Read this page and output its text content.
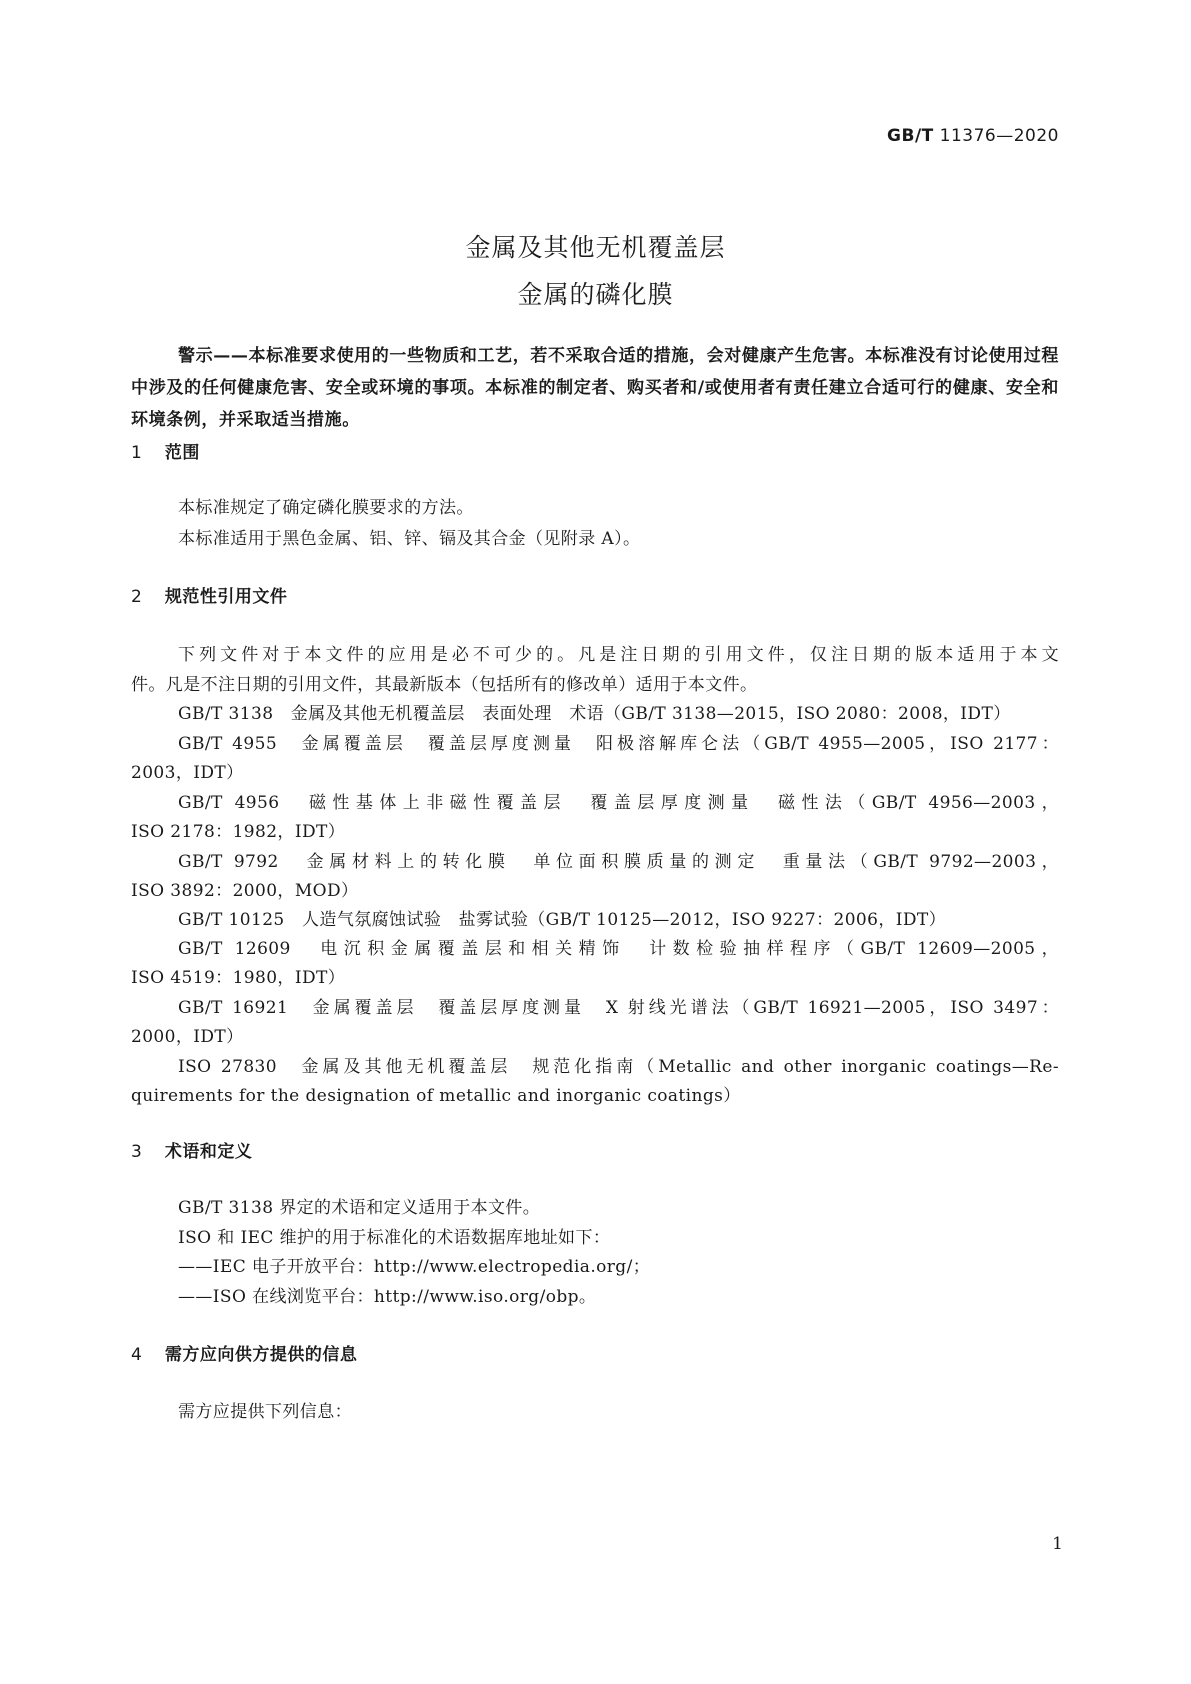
GB/T 11376—2020
金属及其他无机覆盖层
金属的磷化膜
警示——本标准要求使用的一些物质和工艺，若不采取合适的措施，会对健康产生危害。本标准没有讨论使用过程中涉及的任何健康危害、安全或环境的事项。本标准的制定者、购买者和/或使用者有责任建立合适可行的健康、安全和环境条例，并采取适当措施。
1 范围
本标准规定了确定磷化膜要求的方法。
本标准适用于黑色金属、铝、锌、镉及其合金（见附录 A）。
2 规范性引用文件
下列文件对于本文件的应用是必不可少的。凡是注日期的引用文件，仅注日期的版本适用于本文
件。凡是不注日期的引用文件，其最新版本（包括所有的修改单）适用于本文件。
GB/T 3138　金属及其他无机覆盖层　表面处理　术语（GB/T 3138—2015，ISO 2080：2008，IDT）
GB/T 4955　金属覆盖层　覆盖层厚度测量　阳极溶解库仑法（GB/T 4955—2005，ISO 2177：
2003，IDT）
GB/T 4956　磁性基体上非磁性覆盖层　覆盖层厚度测量　磁性法（GB/T 4956—2003，
ISO 2178：1982，IDT）
GB/T 9792　金属材料上的转化膜　单位面积膜质量的测定　重量法（GB/T 9792—2003，
ISO 3892：2000，MOD）
GB/T 10125　人造气氛腐蚀试验　盐雾试验（GB/T 10125—2012，ISO 9227：2006，IDT）
GB/T 12609　电沉积金属覆盖层和相关精饰　计数检验抽样程序（GB/T 12609—2005，
ISO 4519：1980，IDT）
GB/T 16921　金属覆盖层　覆盖层厚度测量　X 射线光谱法（GB/T 16921—2005，ISO 3497：
2000，IDT）
ISO 27830　金属及其他无机覆盖层　规范化指南（Metallic and other inorganic coatings—Re-
quirements for the designation of metallic and inorganic coatings）
3 术语和定义
GB/T 3138 界定的术语和定义适用于本文件。
ISO 和 IEC 维护的用于标准化的术语数据库地址如下：
——IEC 电子开放平台：http://www.electropedia.org/；
——ISO 在线浏览平台：http://www.iso.org/obp。
4 需方应向供方提供的信息
需方应提供下列信息：
1
